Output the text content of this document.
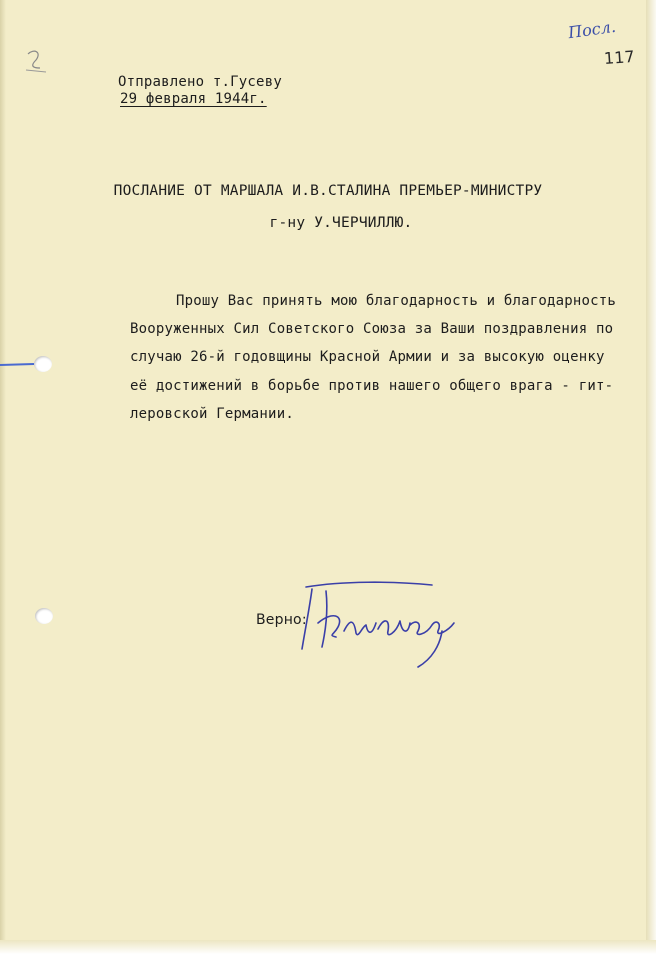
Посл.
117
Отправлено т.Гусеву
29 февраля 1944г.
ПОСЛАНИЕ ОТ МАРШАЛА И.В.СТАЛИНА ПРЕМЬЕР-МИНИСТРУ
г-ну У.ЧЕРЧИЛЛЮ.
Прошу Вас принять мою благодарность и благодарность
Вооруженных Сил Советского Союза за Ваши поздравления по
случаю 26-й годовщины Красной Армии и за высокую оценку
её достижений в борьбе против нашего общего врага - гит-
леровской Германии.
Верно:
